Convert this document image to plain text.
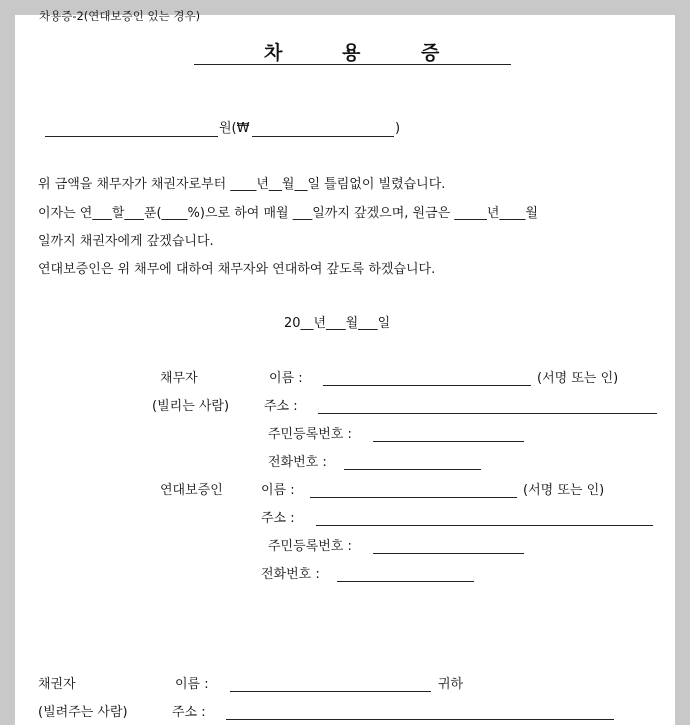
차용증-2(연대보증인 있는 경우)
차	용	증
원(₩	)
위 금액을 채무자가 채권자로부터 ____년__월__일 틀림없이 빌렸습니다.
이자는 연___할___푼(____%)으로 하여 매월 ___일까지 갚겠으며, 원금은 _____년____월
일까지 채권자에게 갚겠습니다.
연대보증인은 위 채무에 대하여 채무자와 연대하여 갚도록 하겠습니다.
20__년___월___일
채무자
(빌리는 사람)
이름 :	(서명 또는 인)
주소 :
주민등록번호 :
전화번호 :
연대보증인	이름 :	(서명 또는 인)
주소 :
주민등록번호 :
전화번호 :
채권자
(빌려주는 사람)
이름 :	귀하
주소 :
